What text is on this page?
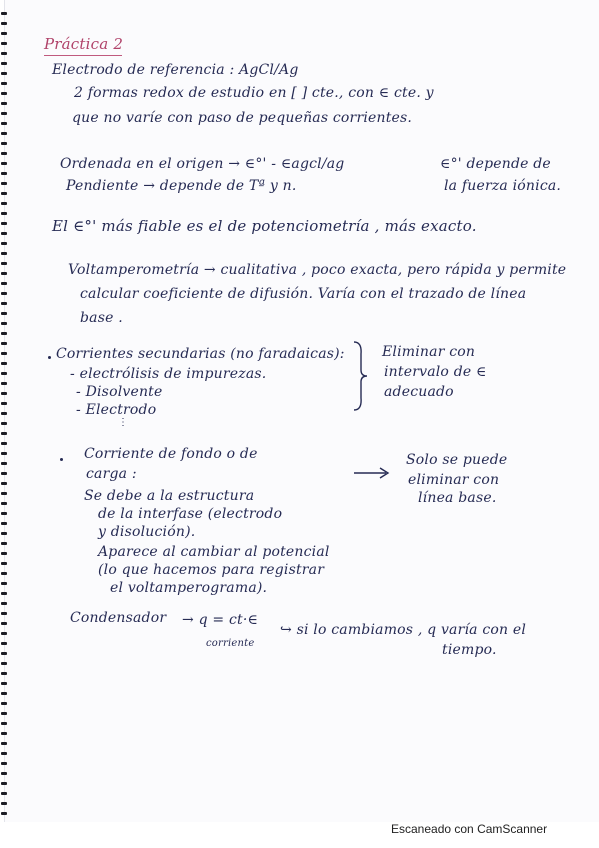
Práctica 2
Electrodo de referencia : AgCl/Ag
2 formas redox de estudio en [ ] cte., con ∈ cte. y
que no varíe con paso de pequeñas corrientes.
Ordenada en el origen → ∈°' - ∈agcl/ag
Pendiente → depende de Tª y n.
∈°' depende de
la fuerza iónica.
El ∈°' más fiable es el de potenciometría , más exacto.
Voltamperometría → cualitativa , poco exacta, pero rápida y permite
calcular coeficiente de difusión. Varía con el trazado de línea
base .
Corrientes secundarias (no faradaicas):
- electrólisis de impurezas.
- Disolvente
- Electrodo
⋮
Eliminar con
intervalo de ∈
adecuado
Corriente de fondo o de
carga :
Se debe a la estructura
de la interfase (electrodo
y disolución).
Aparece al cambiar al potencial
(lo que hacemos para registrar
el voltamperograma).
Solo se puede
eliminar con
línea base.
Condensador → q = ct·∈
corriente
↪ si lo cambiamos , q varía con el
tiempo.
Escaneado con CamScanner
